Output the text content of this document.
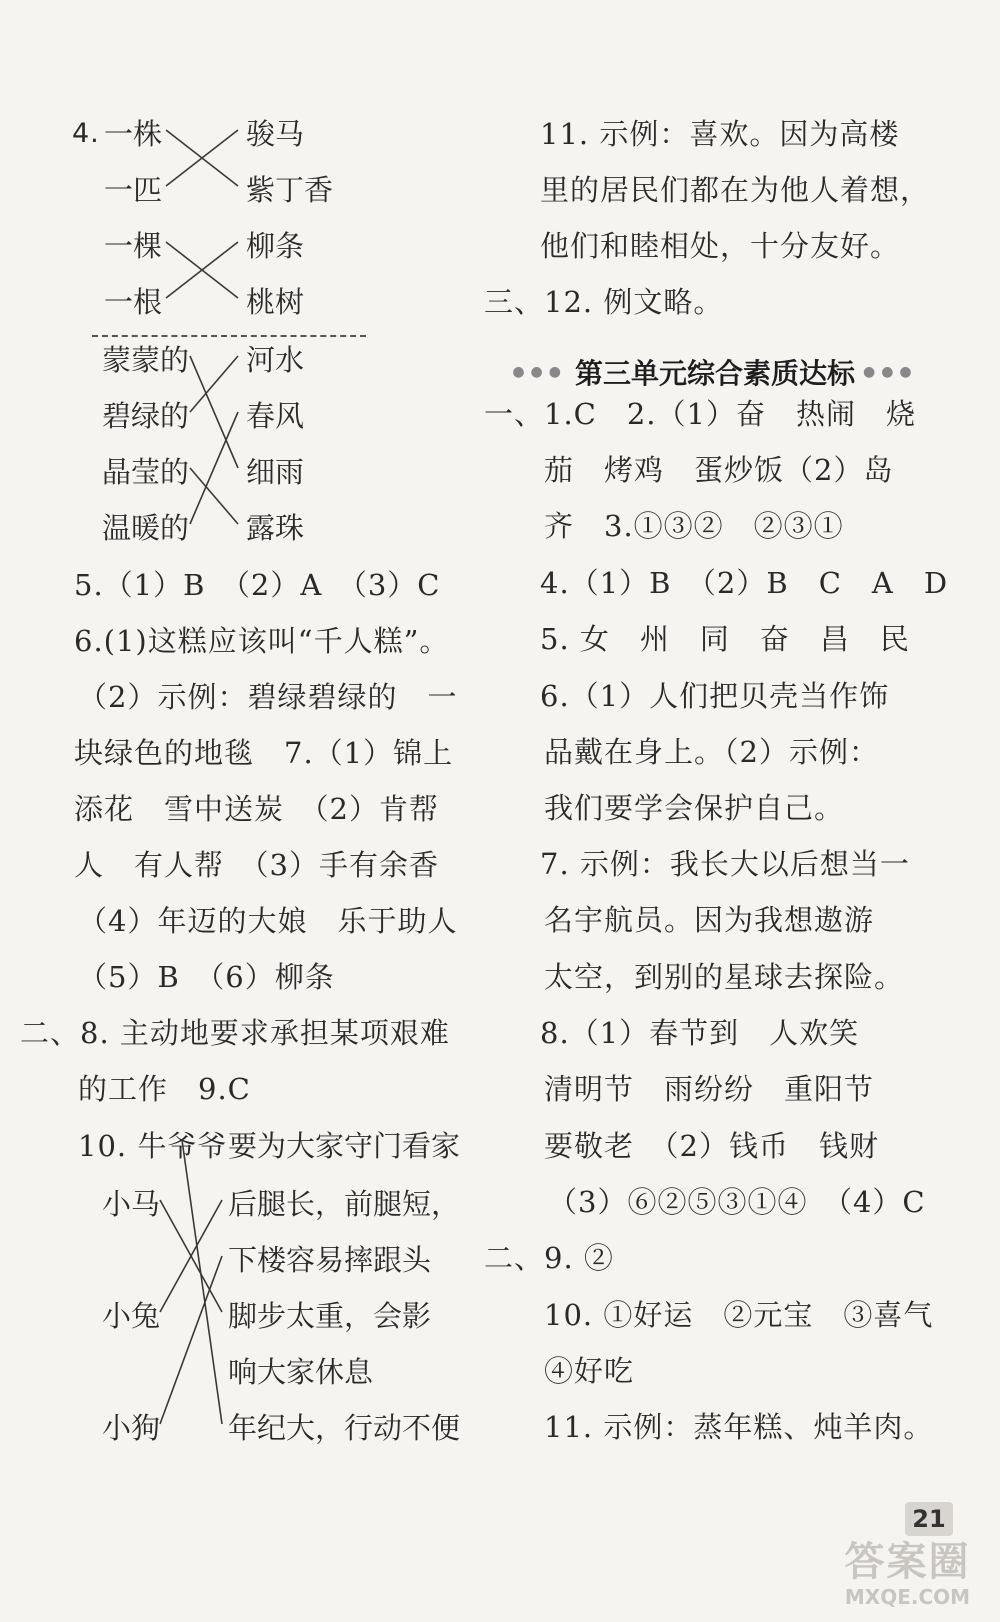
4. 一株
一匹
一棵
一根
骏马
紫丁香
柳条
桃树
蒙蒙的
碧绿的
晶莹的
温暖的
河水
春风
细雨
露珠
5.（1）B　（2）A　（3）C
6.(1)这糕应该叫“千人糕”。
（2）示例：碧绿碧绿的　一
块绿色的地毯　7.（1）锦上
添花　雪中送炭　（2）肯帮
人　有人帮　（3）手有余香
（4）年迈的大娘　乐于助人
（5）B　（6）柳条
二、8. 主动地要求承担某项艰难
的工作　9.C
10. 牛爷爷
小马
小兔
小狗
要为大家守门看家
后腿长，前腿短，
下楼容易摔跟头
脚步太重，会影
响大家休息
年纪大，行动不便
11. 示例：喜欢。因为高楼
里的居民们都在为他人着想，
他们和睦相处，十分友好。
三、12. 例文略。
●●● 第三单元综合素质达标 ●●●
一、1.C　2.（1）奋　热闹　烧
茄　烤鸡　蛋炒饭（2）岛
齐　3.①③②　②③①
4.（1）B　（2）B　C　A　D
5. 女　州　同　奋　昌　民
6.（1）人们把贝壳当作饰
品戴在身上。（2）示例：
我们要学会保护自己。
7. 示例：我长大以后想当一
名宇航员。因为我想遨游
太空，到别的星球去探险。
8.（1）春节到　人欢笑
清明节　雨纷纷　重阳节
要敬老　（2）钱币　钱财
（3）⑥②⑤③①④　（4）C
二、9. ②
10. ①好运　②元宝　③喜气
④好吃
11. 示例：蒸年糕、炖羊肉。
21
答案圈
MXQE.COM
